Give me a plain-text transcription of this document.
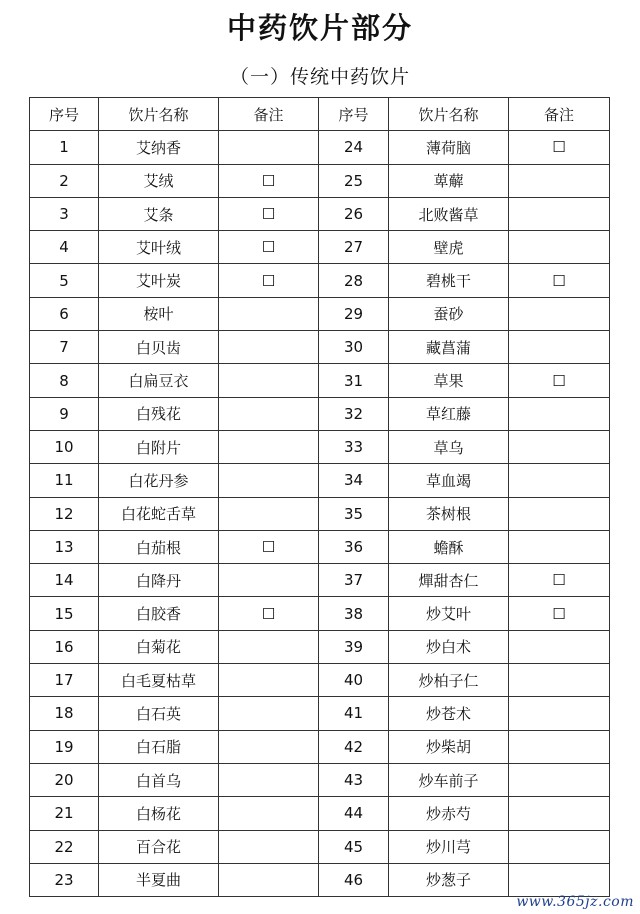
中药饮片部分
（一）传统中药饮片
序号	饮片名称	备注	序号	饮片名称	备注
1	艾纳香		24	薄荷脑	☐
2	艾绒	☐	25	萆薢	
3	艾条	☐	26	北败酱草	
4	艾叶绒	☐	27	壁虎	
5	艾叶炭	☐	28	碧桃干	☐
6	桉叶		29	蚕砂	
7	白贝齿		30	藏菖蒲	
8	白扁豆衣		31	草果	☐
9	白残花		32	草红藤	
10	白附片		33	草乌	
11	白花丹参		34	草血竭	
12	白花蛇舌草		35	茶树根	
13	白茄根	☐	36	蟾酥	
14	白降丹		37	燀甜杏仁	☐
15	白胶香	☐	38	炒艾叶	☐
16	白菊花		39	炒白术	
17	白毛夏枯草		40	炒柏子仁	
18	白石英		41	炒苍术	
19	白石脂		42	炒柴胡	
20	白首乌		43	炒车前子	
21	白杨花		44	炒赤芍	
22	百合花		45	炒川芎	
23	半夏曲		46	炒葱子	
www.365jz.com
